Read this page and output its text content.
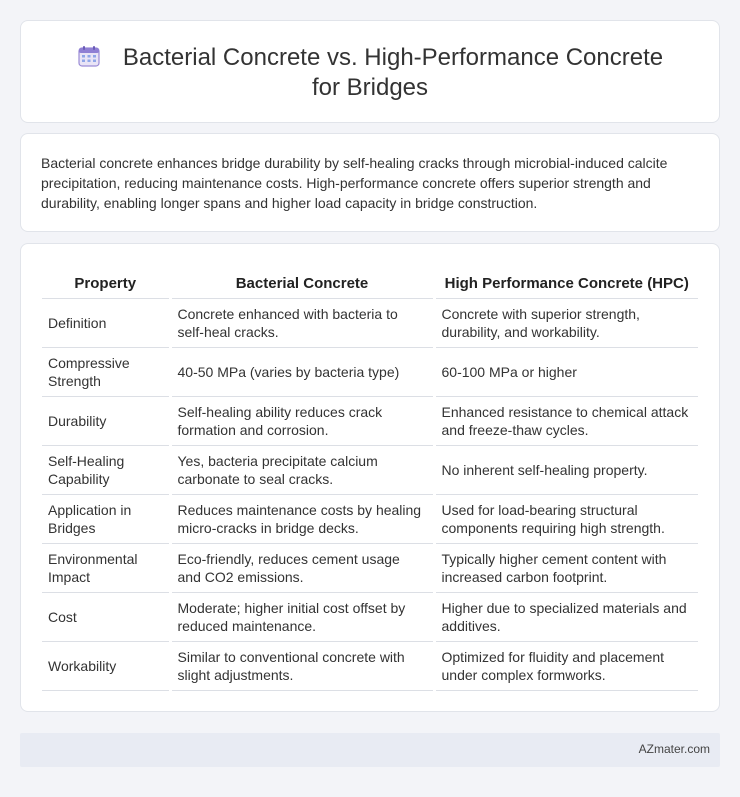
Bacterial Concrete vs. High-Performance Concrete for Bridges

Bacterial concrete enhances bridge durability by self-healing cracks through microbial-induced calcite precipitation, reducing maintenance costs. High-performance concrete offers superior strength and durability, enabling longer spans and higher load capacity in bridge construction.

Property	Bacterial Concrete	High Performance Concrete (HPC)
Definition	Concrete enhanced with bacteria to self-heal cracks.	Concrete with superior strength, durability, and workability.
Compressive Strength	40-50 MPa (varies by bacteria type)	60-100 MPa or higher
Durability	Self-healing ability reduces crack formation and corrosion.	Enhanced resistance to chemical attack and freeze-thaw cycles.
Self-Healing Capability	Yes, bacteria precipitate calcium carbonate to seal cracks.	No inherent self-healing property.
Application in Bridges	Reduces maintenance costs by healing micro-cracks in bridge decks.	Used for load-bearing structural components requiring high strength.
Environmental Impact	Eco-friendly, reduces cement usage and CO2 emissions.	Typically higher cement content with increased carbon footprint.
Cost	Moderate; higher initial cost offset by reduced maintenance.	Higher due to specialized materials and additives.
Workability	Similar to conventional concrete with slight adjustments.	Optimized for fluidity and placement under complex formworks.
AZmater.com
